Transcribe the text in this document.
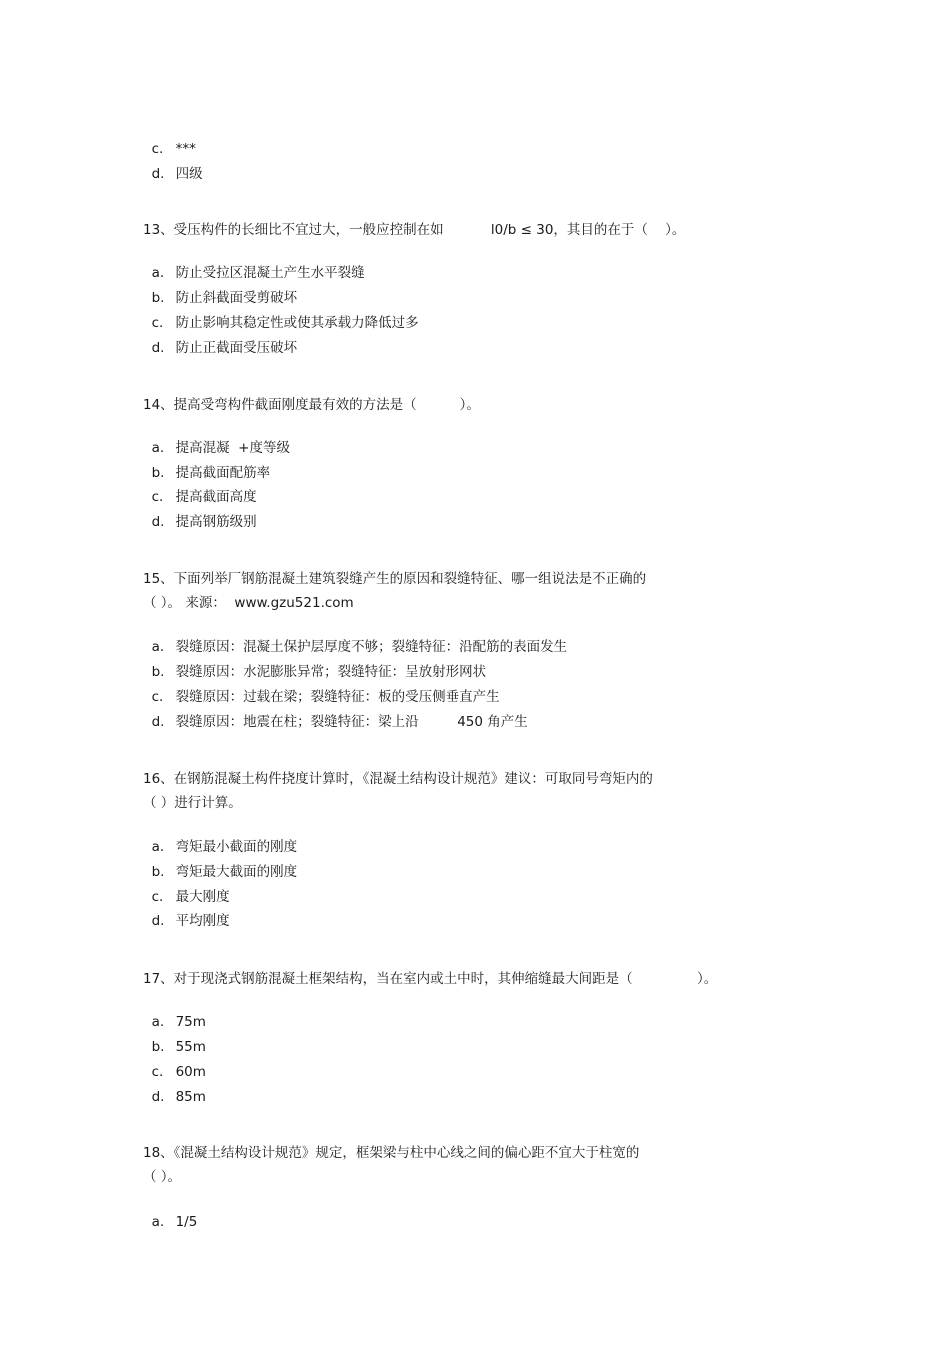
c. ***

d. 四级

13、受压构件的长细比不宜过大，一般应控制在如           l0/b ≤ 30，其目的在于（    ）。

a. 防止受拉区混凝土产生水平裂缝

b. 防止斜截面受剪破坏

c. 防止影响其稳定性或使其承载力降低过多

d. 防止正截面受压破坏

14、提高受弯构件截面刚度最有效的方法是（          ）。

a. 提高混凝  +度等级

b. 提高截面配筋率

c. 提高截面高度

d. 提高钢筋级别

15、下面列举厂钢筋混凝土建筑裂缝产生的原因和裂缝特征、哪一组说法是不正确的
（ ）。 来源：  www.gzu521.com

a. 裂缝原因：混凝土保护层厚度不够；裂缝特征：沿配筋的表面发生

b. 裂缝原因：水泥膨胀异常；裂缝特征：呈放射形网状

c. 裂缝原因：过载在梁；裂缝特征：板的受压侧垂直产生

d. 裂缝原因：地震在柱；裂缝特征：梁上沿         450 角产生

16、在钢筋混凝土构件挠度计算时，《混凝土结构设计规范》建议：可取同号弯矩内的
（ ）进行计算。

a. 弯矩最小截面的刚度

b. 弯矩最大截面的刚度

c. 最大刚度

d. 平均刚度

17、对于现浇式钢筋混凝土框架结构，当在室内或土中时，其伸缩缝最大间距是（               ）。

a. 75m

b. 55m

c. 60m

d. 85m

18、《混凝土结构设计规范》规定，框架梁与柱中心线之间的偏心距不宜大于柱宽的
（ ）。

a. 1/5
